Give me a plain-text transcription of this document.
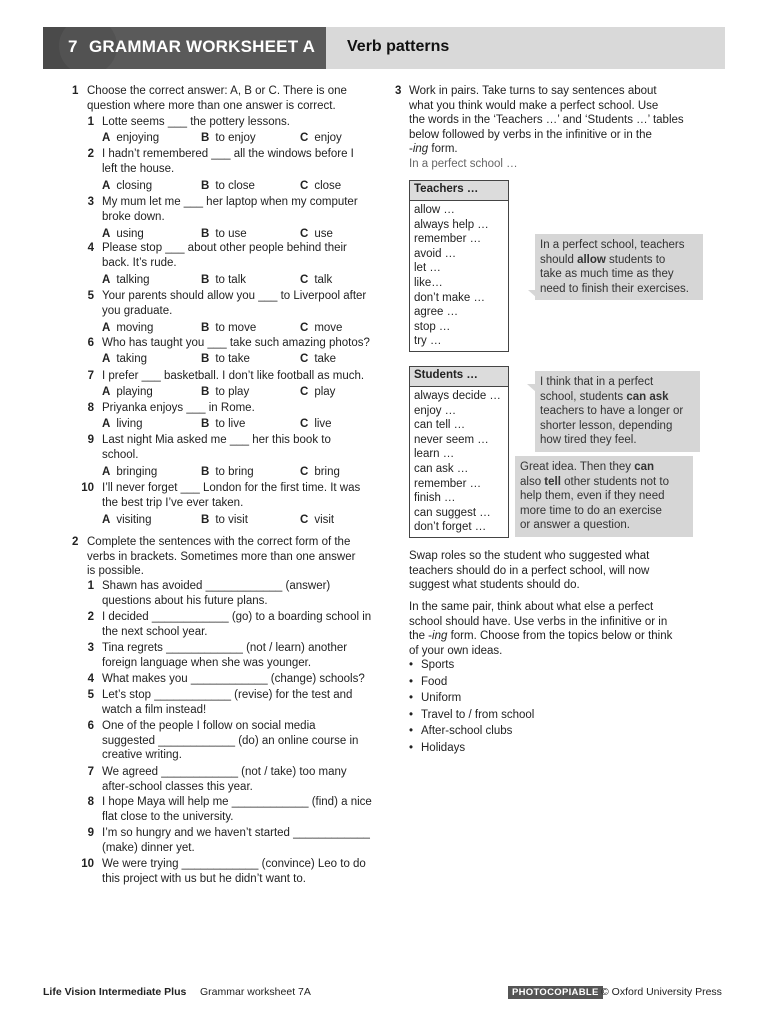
7 GRAMMAR WORKSHEET A Verb patterns
1 Choose the correct answer: A, B or C. There is one
question where more than one answer is correct.
2 Complete the sentences with the correct form of the
verbs in brackets. Sometimes more than one answer
is possible.
3 Work in pairs. Take turns to say sentences about
what you think would make a perfect school. Use
the words in the ‘Teachers …’ and ‘Students …’ tables
below followed by verbs in the infinitive or in the
-ing form.
In a perfect school …
Teachers …
allow …
always help …
remember …
avoid …
let …
like…
don’t make …
agree …
stop …
try …
Students …
always decide …
enjoy …
can tell …
never seem …
learn …
can ask …
remember …
finish …
can suggest …
don’t forget …
In a perfect school, teachers
should allow students to
take as much time as they
need to finish their exercises.
I think that in a perfect
school, students can ask
teachers to have a longer or
shorter lesson, depending
how tired they feel.
Great idea. Then they can
also tell other students not to
help them, even if they need
more time to do an exercise
or answer a question.
Swap roles so the student who suggested what
teachers should do in a perfect school, will now
suggest what students should do.
In the same pair, think about what else a perfect
school should have. Use verbs in the infinitive or in
the -ing form. Choose from the topics below or think
of your own ideas.
• Sports
• Food
• Uniform
• Travel to / from school
• After-school clubs
• Holidays
Life Vision Intermediate Plus Grammar worksheet 7A	PHOTOCOPIABLE © Oxford University Press
1 Lotte seems ___ the pottery lessons.
A enjoying	B to enjoy	C enjoy
2 I hadn’t remembered ___ all the windows before I
left the house.
A closing	B to close	C close
3 My mum let me ___ her laptop when my computer
broke down.
A using	B to use	C use
4 Please stop ___ about other people behind their
back. It’s rude.
A talking	B to talk	C talk
5 Your parents should allow you ___ to Liverpool after
you graduate.
A moving	B to move	C move
6 Who has taught you ___ take such amazing photos?
A taking	B to take	C take
7 I prefer ___ basketball. I don’t like football as much.
A playing	B to play	C play
8 Priyanka enjoys ___ in Rome.
A living	B to live	C live
9 Last night Mia asked me ___ her this book to
school.
A bringing	B to bring	C bring
10 I’ll never forget ___ London for the first time. It was
the best trip I’ve ever taken.
A visiting	B to visit	C visit
1 Shawn has avoided ____________ (answer)
questions about his future plans.
2 I decided ____________ (go) to a boarding school in
the next school year.
3 Tina regrets ____________ (not / learn) another
foreign language when she was younger.
4 What makes you ____________ (change) schools?
5 Let’s stop ____________ (revise) for the test and
watch a film instead!
6 One of the people I follow on social media
suggested ____________ (do) an online course in
creative writing.
7 We agreed ____________ (not / take) too many
after-school classes this year.
8 I hope Maya will help me ____________ (find) a nice
flat close to the university.
9 I’m so hungry and we haven’t started ____________
(make) dinner yet.
10 We were trying ____________ (convince) Leo to do
this project with us but he didn’t want to.
